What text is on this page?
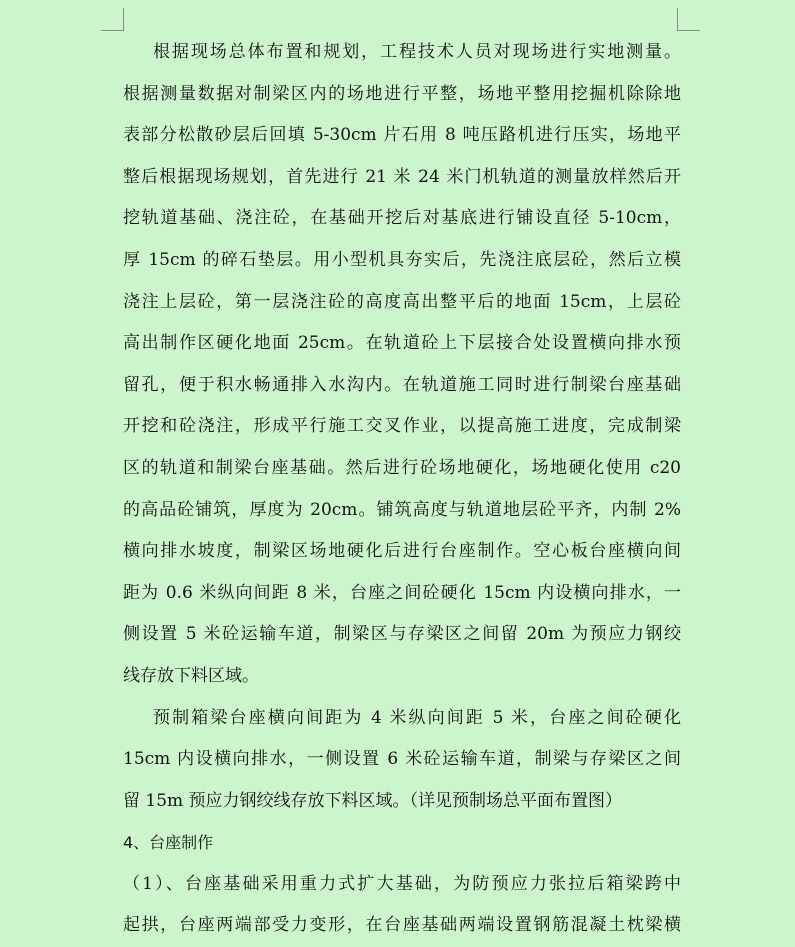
根据现场总体布置和规划，工程技术人员对现场进行实地测量。
根据测量数据对制梁区内的场地进行平整，场地平整用挖掘机除除地
表部分松散砂层后回填 5-30cm 片石用 8 吨压路机进行压实，场地平
整后根据现场规划，首先进行 21 米 24 米门机轨道的测量放样然后开
挖轨道基础、浇注砼，在基础开挖后对基底进行铺设直径 5-10cm，
厚 15cm 的碎石垫层。用小型机具夯实后，先浇注底层砼，然后立模
浇注上层砼，第一层浇注砼的高度高出整平后的地面 15cm，上层砼
高出制作区硬化地面 25cm。在轨道砼上下层接合处设置横向排水预
留孔，便于积水畅通排入水沟内。在轨道施工同时进行制梁台座基础
开挖和砼浇注，形成平行施工交叉作业，以提高施工进度，完成制梁
区的轨道和制梁台座基础。然后进行砼场地硬化，场地硬化使用 c20
的高品砼铺筑，厚度为 20cm。铺筑高度与轨道地层砼平齐，内制 2%
横向排水坡度，制梁区场地硬化后进行台座制作。空心板台座横向间
距为 0.6 米纵向间距 8 米，台座之间砼硬化 15cm 内设横向排水，一
侧设置 5 米砼运输车道，制梁区与存梁区之间留 20m 为预应力钢绞
线存放下料区域。
预制箱梁台座横向间距为 4 米纵向间距 5 米，台座之间砼硬化
15cm 内设横向排水，一侧设置 6 米砼运输车道，制梁与存梁区之间
留 15m 预应力钢绞线存放下料区域。（详见预制场总平面布置图）
4、台座制作
（1）、台座基础采用重力式扩大基础，为防预应力张拉后箱梁跨中
起拱，台座两端部受力变形，在台座基础两端设置钢筋混凝土枕梁横
